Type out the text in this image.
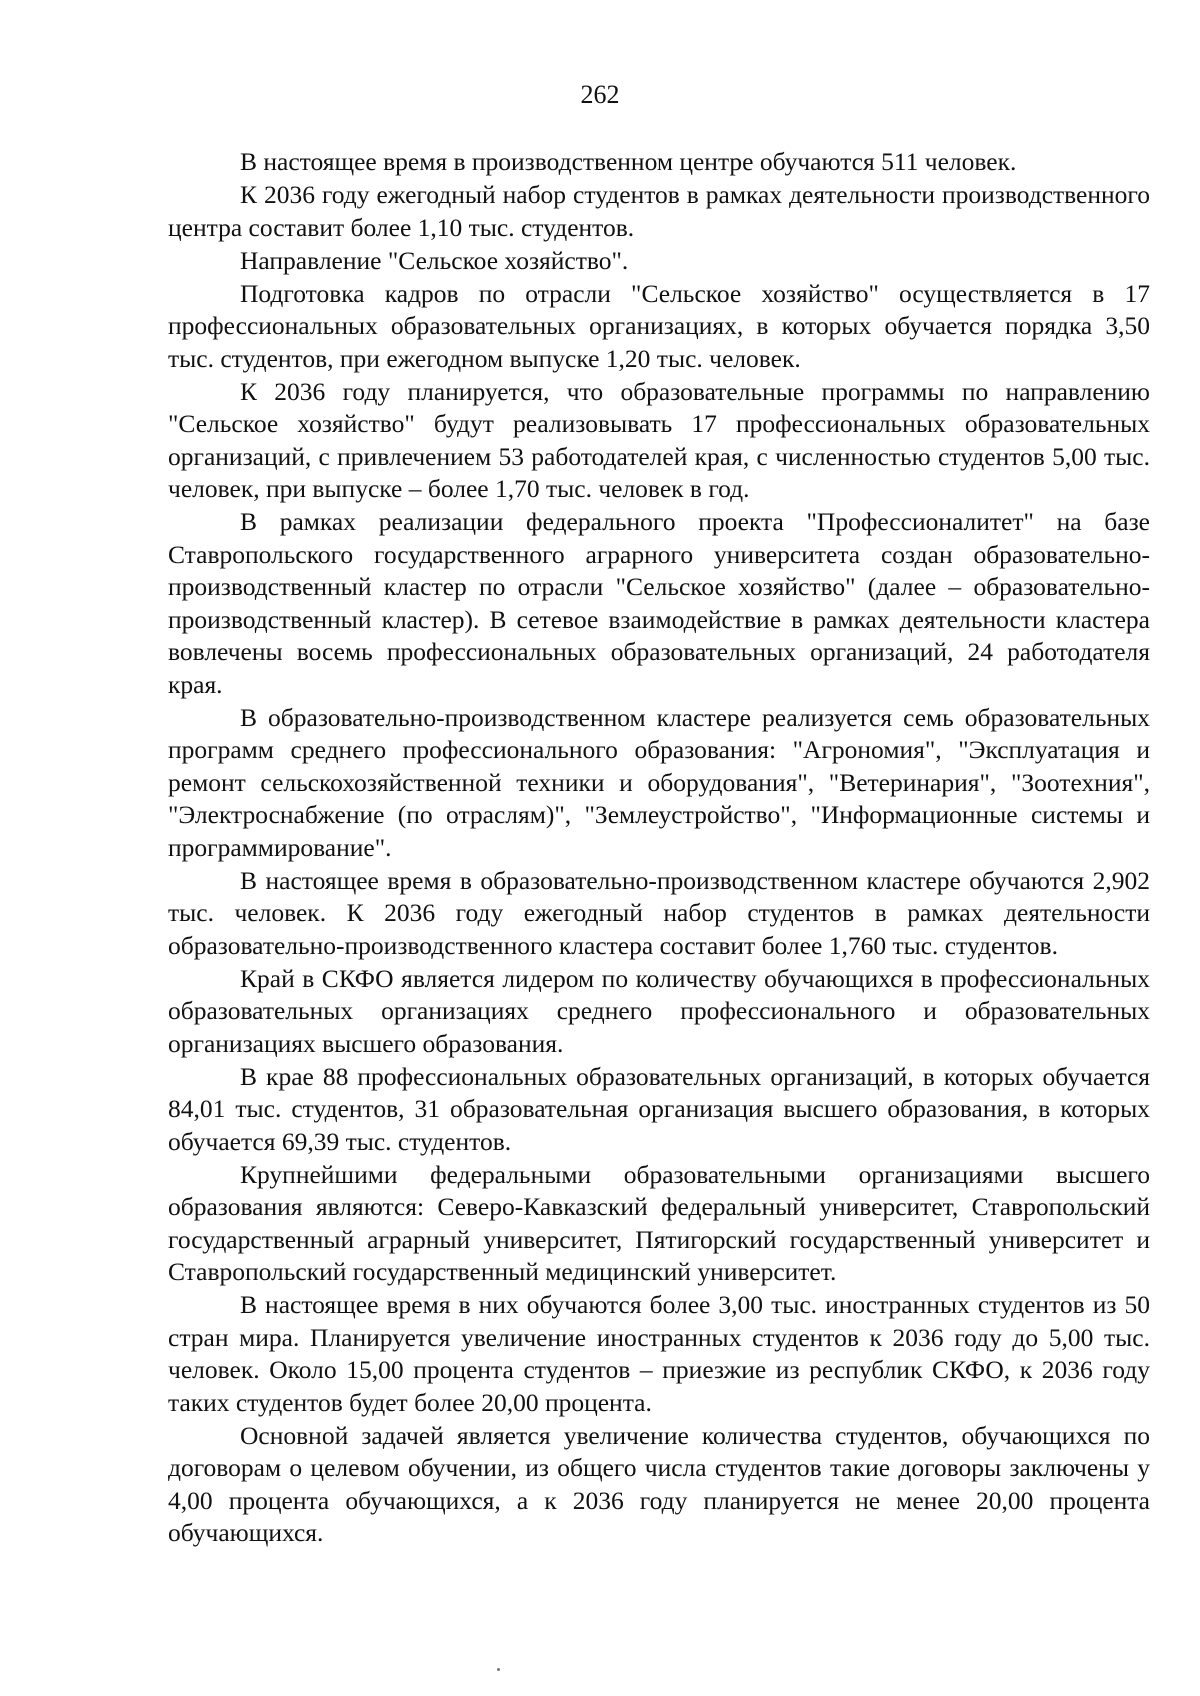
262

В настоящее время в производственном центре обучаются 511 человек.

К 2036 году ежегодный набор студентов в рамках деятельности производственного центра составит более 1,10 тыс. студентов.

Направление "Сельское хозяйство".

Подготовка кадров по отрасли "Сельское хозяйство" осуществляется в 17 профессиональных образовательных организациях, в которых обучается порядка 3,50 тыс. студентов, при ежегодном выпуске 1,20 тыс. человек.

К 2036 году планируется, что образовательные программы по направлению "Сельское хозяйство" будут реализовывать 17 профессиональных образовательных организаций, с привлечением 53 работодателей края, с численностью студентов 5,00 тыс. человек, при выпуске – более 1,70 тыс. человек в год.

В рамках реализации федерального проекта "Профессионалитет" на базе Ставропольского государственного аграрного университета создан образовательно-производственный кластер по отрасли "Сельское хозяйство" (далее – образовательно-производственный кластер). В сетевое взаимодействие в рамках деятельности кластера вовлечены восемь профессиональных образовательных организаций, 24 работодателя края.

В образовательно-производственном кластере реализуется семь образовательных программ среднего профессионального образования: "Агрономия", "Эксплуатация и ремонт сельскохозяйственной техники и оборудования", "Ветеринария", "Зоотехния", "Электроснабжение (по отраслям)", "Землеустройство", "Информационные системы и программирование".

В настоящее время в образовательно-производственном кластере обучаются 2,902 тыс. человек. К 2036 году ежегодный набор студентов в рамках деятельности образовательно-производственного кластера составит более 1,760 тыс. студентов.

Край в СКФО является лидером по количеству обучающихся в профессиональных образовательных организациях среднего профессионального и образовательных организациях высшего образования.

В крае 88 профессиональных образовательных организаций, в которых обучается 84,01 тыс. студентов, 31 образовательная организация высшего образования, в которых обучается 69,39 тыс. студентов.

Крупнейшими федеральными образовательными организациями высшего образования являются: Северо-Кавказский федеральный университет, Ставропольский государственный аграрный университет, Пятигорский государственный университет и Ставропольский государственный медицинский университет.

В настоящее время в них обучаются более 3,00 тыс. иностранных студентов из 50 стран мира. Планируется увеличение иностранных студентов к 2036 году до 5,00 тыс. человек. Около 15,00 процента студентов – приезжие из республик СКФО, к 2036 году таких студентов будет более 20,00 процента.

Основной задачей является увеличение количества студентов, обучающихся по договорам о целевом обучении, из общего числа студентов такие договоры заключены у 4,00 процента обучающихся, а к 2036 году планируется не менее 20,00 процента обучающихся.
